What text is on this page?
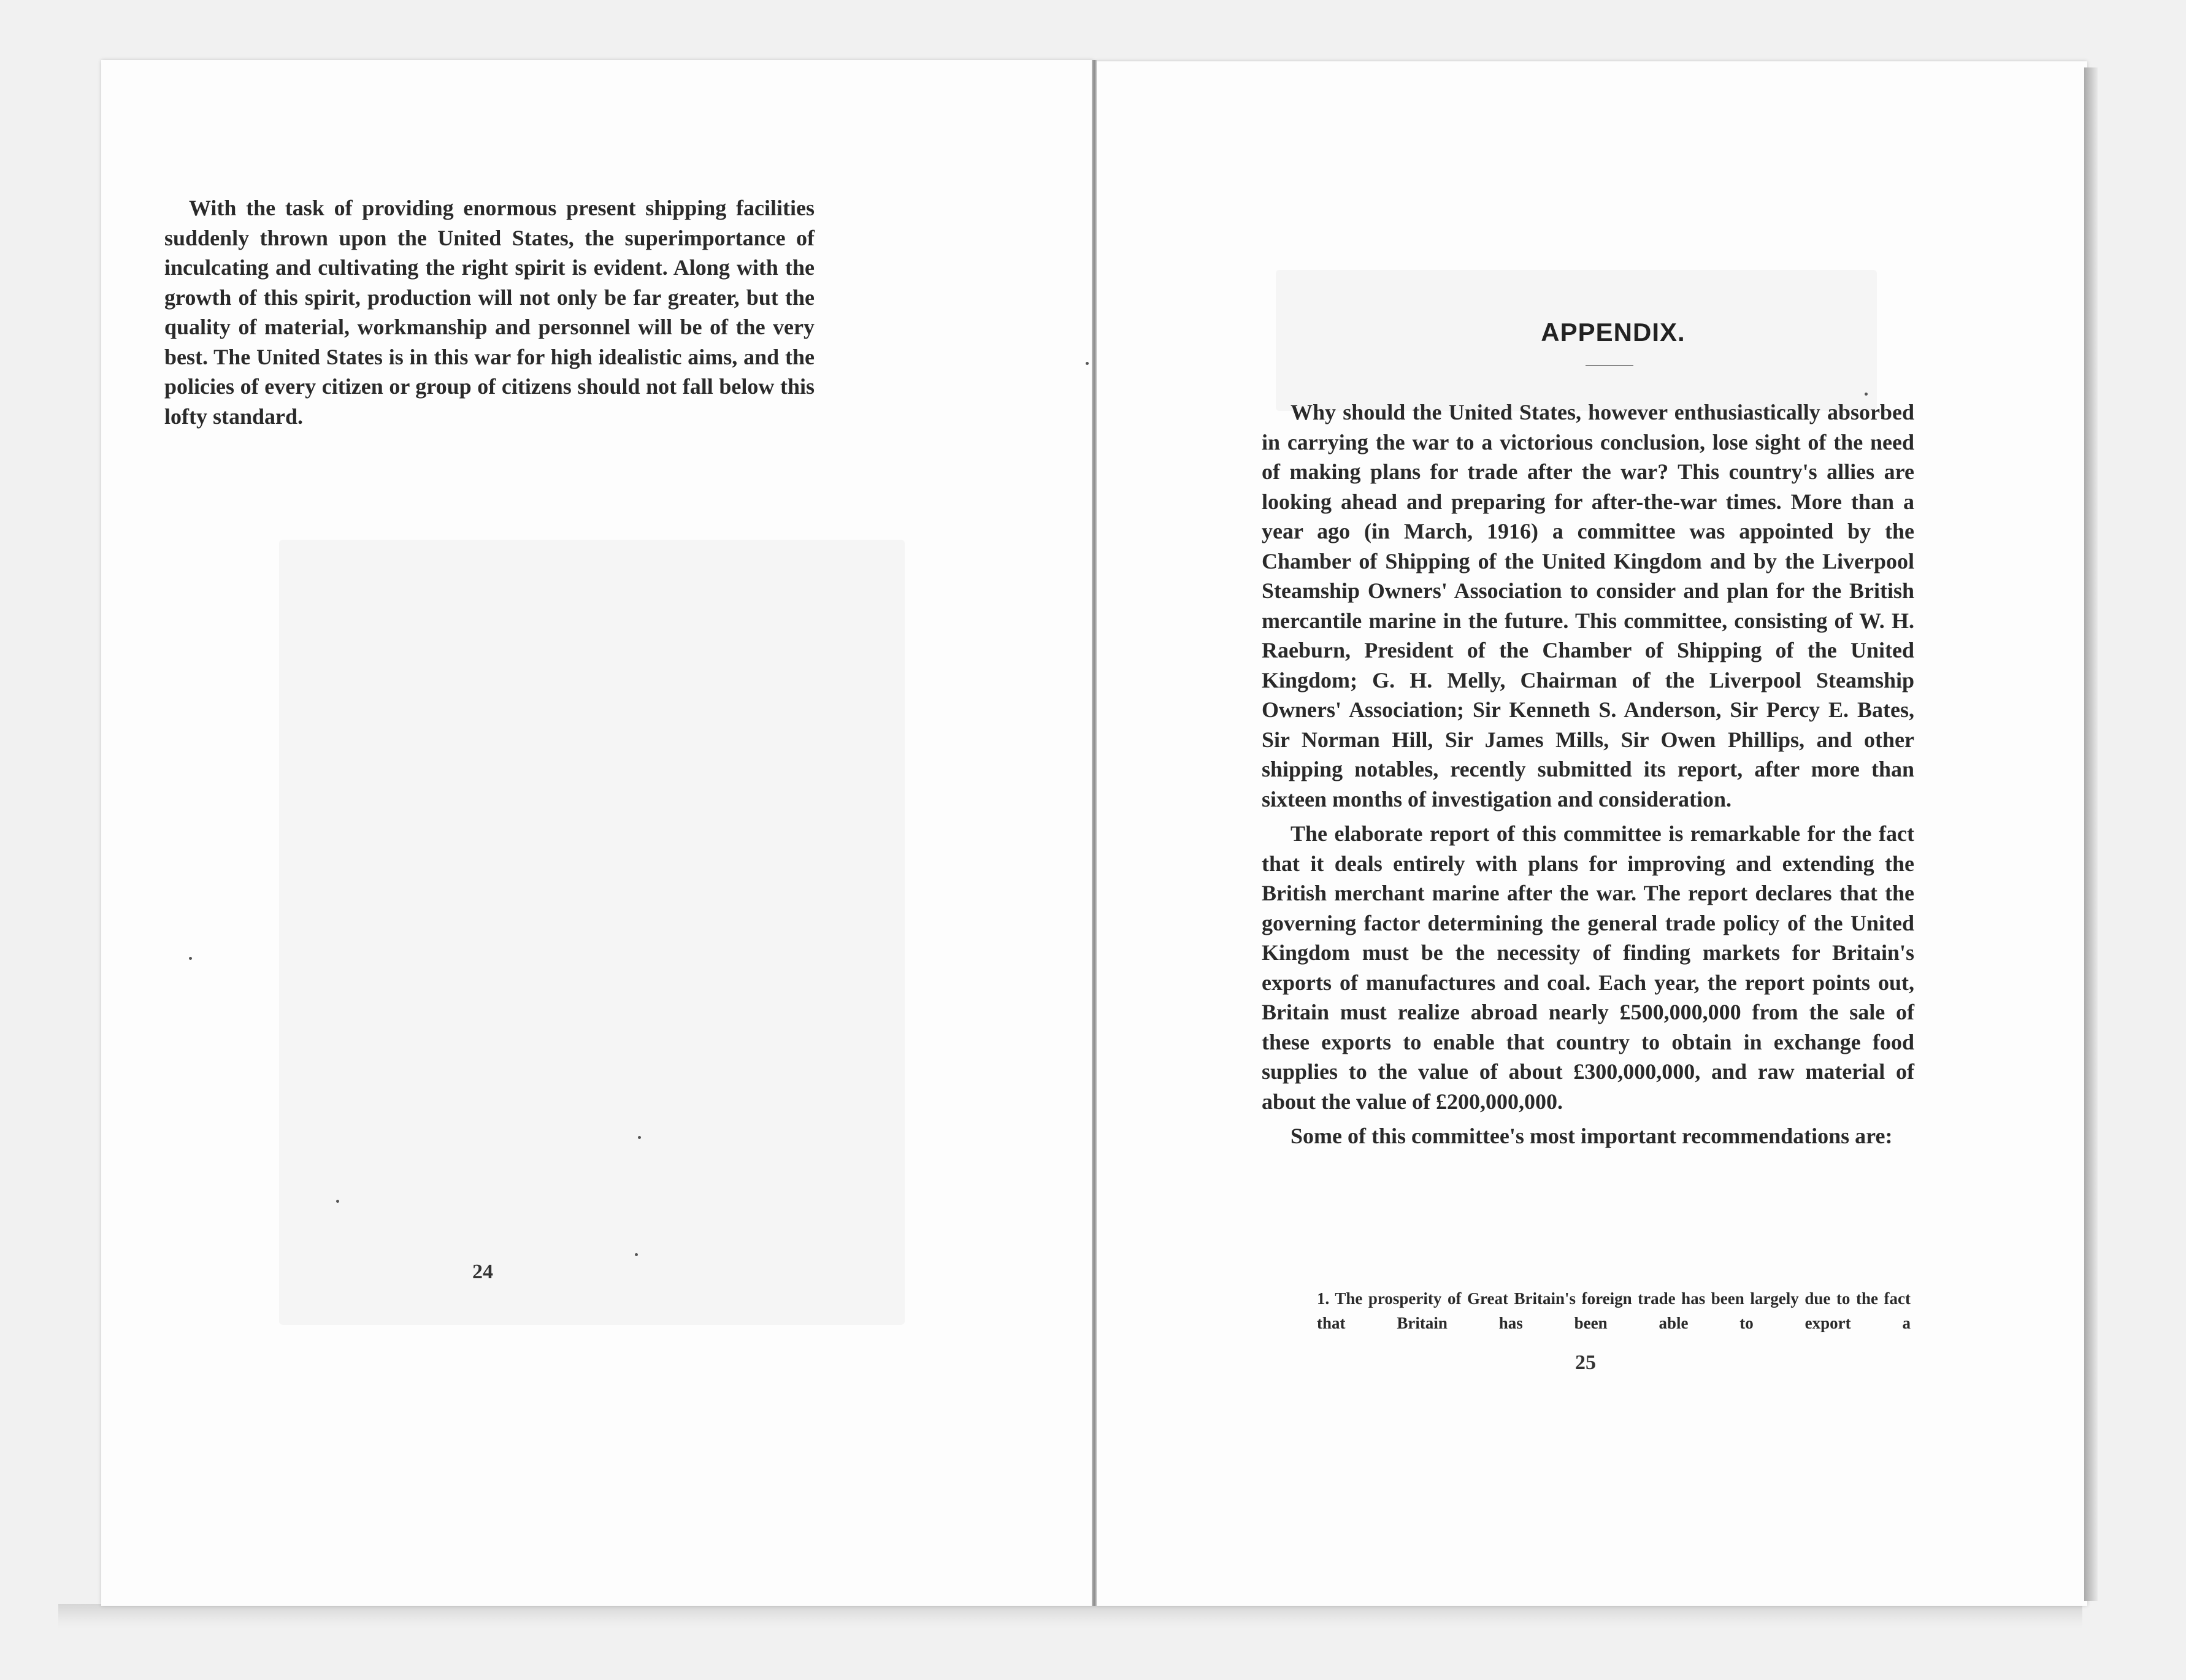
With the task of providing enormous present shipping facilities suddenly thrown upon the United States, the superimportance of inculcating and cultivating the right spirit is evident. Along with the growth of this spirit, production will not only be far greater, but the quality of material, workmanship and personnel will be of the very best. The United States is in this war for high idealistic aims, and the policies of every citizen or group of citizens should not fall below this lofty standard.

24
APPENDIX.

Why should the United States, however enthusiastically absorbed in carrying the war to a victorious conclusion, lose sight of the need of making plans for trade after the war? This country's allies are looking ahead and preparing for after-the-war times. More than a year ago (in March, 1916) a committee was appointed by the Chamber of Shipping of the United Kingdom and by the Liverpool Steamship Owners' Association to consider and plan for the British mercantile marine in the future. This committee, consisting of W. H. Raeburn, President of the Chamber of Shipping of the United Kingdom; G. H. Melly, Chairman of the Liverpool Steamship Owners' Association; Sir Kenneth S. Anderson, Sir Percy E. Bates, Sir Norman Hill, Sir James Mills, Sir Owen Phillips, and other shipping notables, recently submitted its report, after more than sixteen months of investigation and consideration.

The elaborate report of this committee is remarkable for the fact that it deals entirely with plans for improving and extending the British merchant marine after the war. The report declares that the governing factor determining the general trade policy of the United Kingdom must be the necessity of finding markets for Britain's exports of manufactures and coal. Each year, the report points out, Britain must realize abroad nearly £500,000,000 from the sale of these exports to enable that country to obtain in exchange food supplies to the value of about £300,000,000, and raw material of about the value of £200,000,000.

Some of this committee's most important recommendations are:

1. The prosperity of Great Britain's foreign trade has been largely due to the fact that Britain has been able to export a
25
